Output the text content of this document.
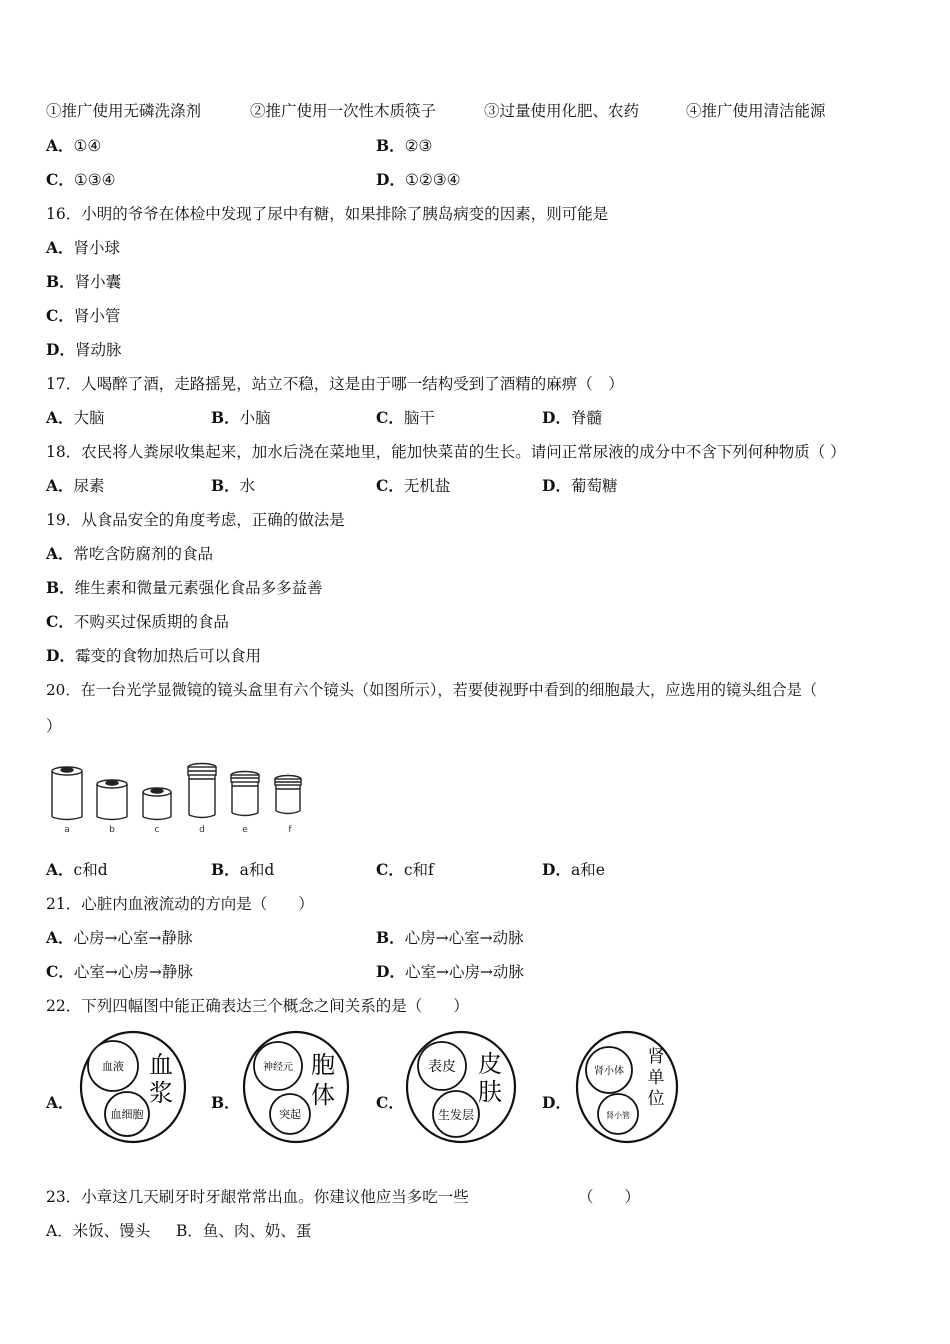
①推广使用无磷洗涤剂	②推广使用一次性木质筷子	③过量使用化肥、农药	④推广使用清洁能源
A．①④	B．②③
C．①③④	D．①②③④
16．小明的爷爷在体检中发现了尿中有糖，如果排除了胰岛病变的因素，则可能是
A．肾小球
B．肾小囊
C．肾小管
D．肾动脉
17．人喝醉了酒，走路摇晃，站立不稳，这是由于哪一结构受到了酒精的麻痹（　）
A．大脑	B．小脑	C．脑干	D．脊髓
18．农民将人粪尿收集起来，加水后浇在菜地里，能加快菜苗的生长。请问正常尿液的成分中不含下列何种物质（ ）
A．尿素	B．水	C．无机盐	D．葡萄糖
19．从食品安全的角度考虑，正确的做法是
A．常吃含防腐剂的食品
B．维生素和微量元素强化食品多多益善
C．不购买过保质期的食品
D．霉变的食物加热后可以食用
20．在一台光学显微镜的镜头盒里有六个镜头（如图所示），若要使视野中看到的细胞最大，应选用的镜头组合是（
）
a	b	c	d	e	f
A．c和d	B．a和d	C．c和f	D．a和e
21．心脏内血液流动的方向是（　　）
A．心房→心室→静脉	B．心房→心室→动脉
C．心室→心房→静脉	D．心室→心房→动脉
22．下列四幅图中能正确表达三个概念之间关系的是（　　）
A．
血液
血细胞
血
浆 B．
神经元
突起
胞
体	C．
表皮
生发层
皮
肤	D．
肾小体
肾小管
肾
单
位
23．小章这几天刷牙时牙龈常常出血。你建议他应当多吃一些	（　　）
A．米饭、馒头 B．鱼、肉、奶、蛋
